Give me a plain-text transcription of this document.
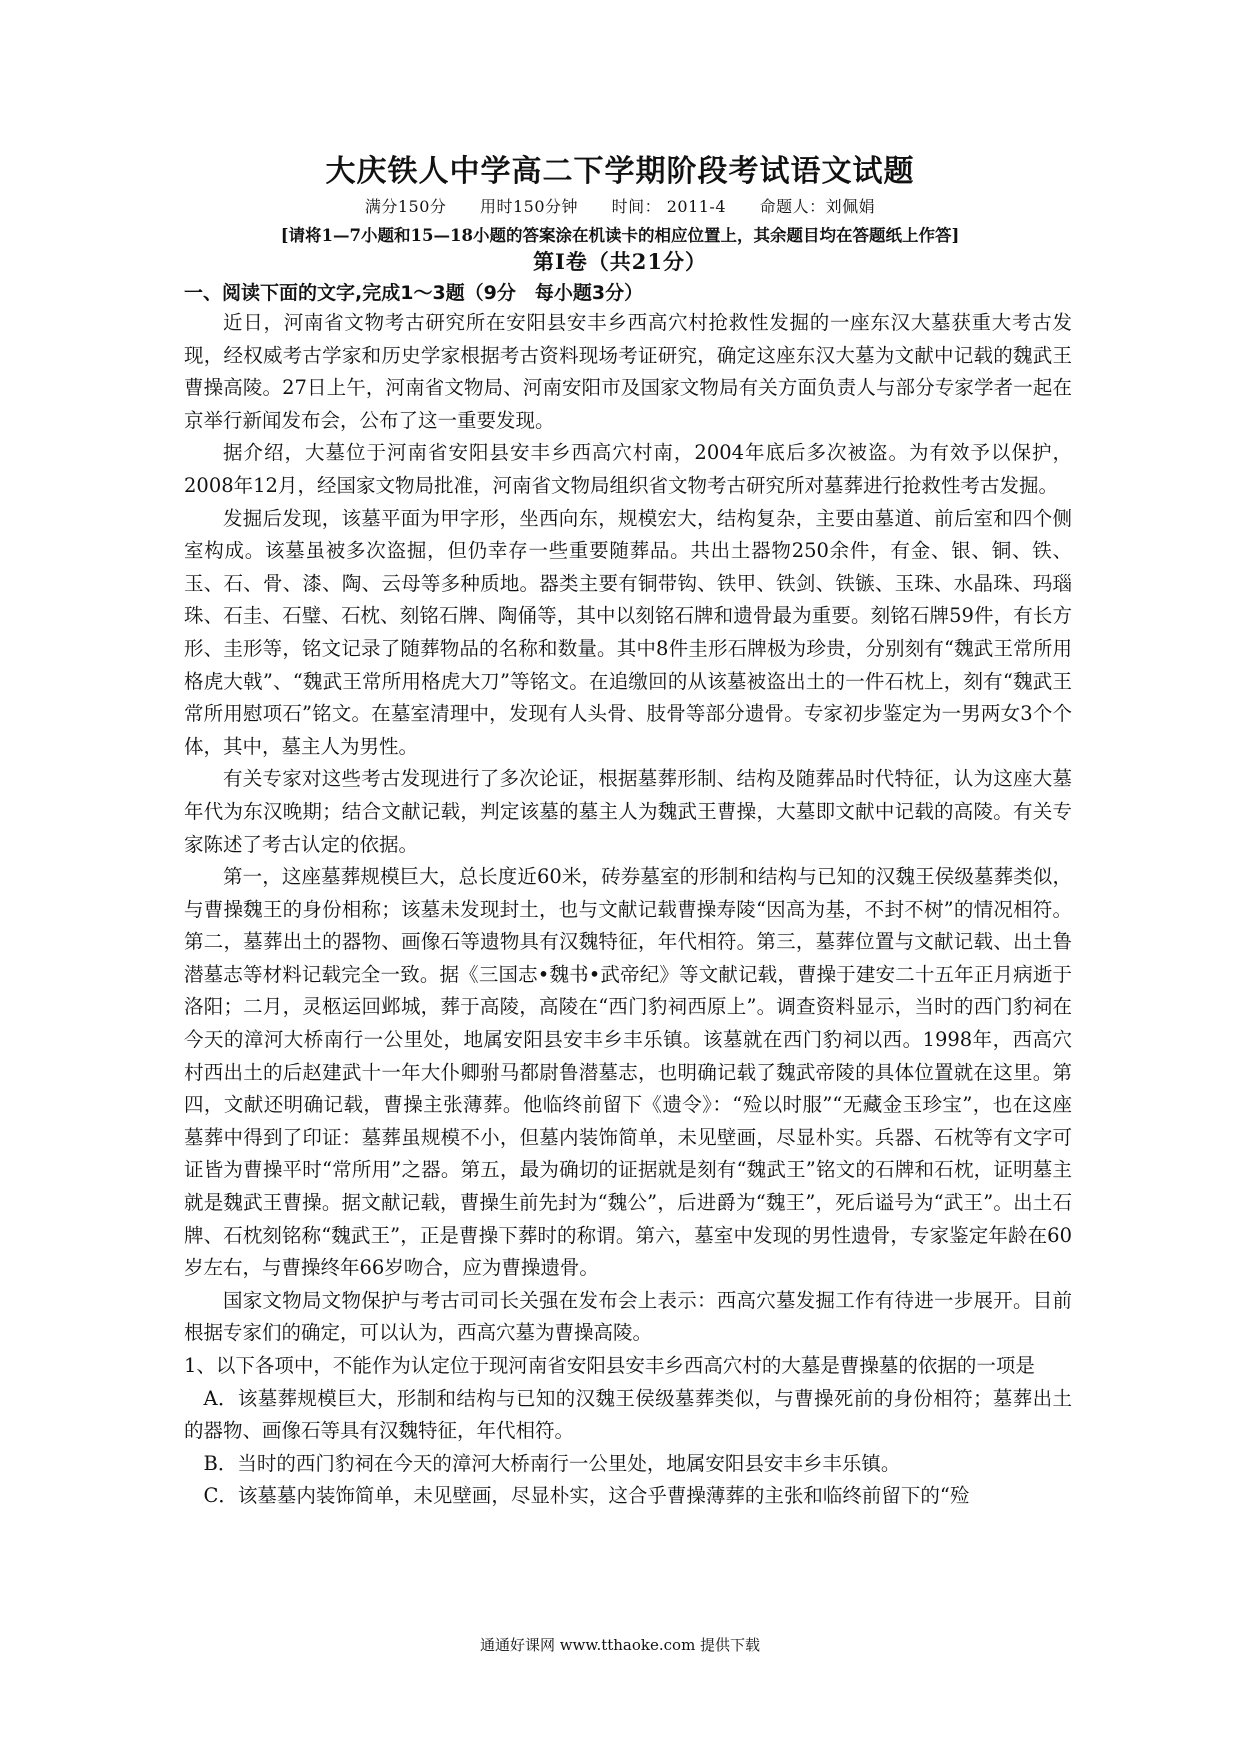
大庆铁人中学高二下学期阶段考试语文试题
满分150分 用时150分钟 时间： 2011-4 命题人：刘佩娟
[请将1—7小题和15—18小题的答案涂在机读卡的相应位置上，其余题目均在答题纸上作答]
第Ⅰ卷（共21分）
一、阅读下面的文字,完成1～3题（9分　每小题3分）

近日，河南省文物考古研究所在安阳县安丰乡西高穴村抢救性发掘的一座东汉大墓获重大考古发现，经权威考古学家和历史学家根据考古资料现场考证研究，确定这座东汉大墓为文献中记载的魏武王曹操高陵。27日上午，河南省文物局、河南安阳市及国家文物局有关方面负责人与部分专家学者一起在京举行新闻发布会，公布了这一重要发现。

据介绍，大墓位于河南省安阳县安丰乡西高穴村南，2004年底后多次被盗。为有效予以保护，2008年12月，经国家文物局批准，河南省文物局组织省文物考古研究所对墓葬进行抢救性考古发掘。

发掘后发现，该墓平面为甲字形，坐西向东，规模宏大，结构复杂，主要由墓道、前后室和四个侧室构成。该墓虽被多次盗掘，但仍幸存一些重要随葬品。共出土器物250余件，有金、银、铜、铁、玉、石、骨、漆、陶、云母等多种质地。器类主要有铜带钩、铁甲、铁剑、铁镞、玉珠、水晶珠、玛瑙珠、石圭、石璧、石枕、刻铭石牌、陶俑等，其中以刻铭石牌和遗骨最为重要。刻铭石牌59件，有长方形、圭形等，铭文记录了随葬物品的名称和数量。其中8件圭形石牌极为珍贵，分别刻有“魏武王常所用格虎大戟”、“魏武王常所用格虎大刀”等铭文。在追缴回的从该墓被盗出土的一件石枕上，刻有“魏武王常所用慰项石”铭文。在墓室清理中，发现有人头骨、肢骨等部分遗骨。专家初步鉴定为一男两女3个个体，其中，墓主人为男性。

有关专家对这些考古发现进行了多次论证，根据墓葬形制、结构及随葬品时代特征，认为这座大墓年代为东汉晚期；结合文献记载，判定该墓的墓主人为魏武王曹操，大墓即文献中记载的高陵。有关专家陈述了考古认定的依据。

第一，这座墓葬规模巨大，总长度近60米，砖券墓室的形制和结构与已知的汉魏王侯级墓葬类似，与曹操魏王的身份相称；该墓未发现封土，也与文献记载曹操寿陵“因高为基，不封不树”的情况相符。第二，墓葬出土的器物、画像石等遗物具有汉魏特征，年代相符。第三，墓葬位置与文献记载、出土鲁潜墓志等材料记载完全一致。据《三国志•魏书•武帝纪》等文献记载，曹操于建安二十五年正月病逝于洛阳；二月，灵柩运回邺城，葬于高陵，高陵在“西门豹祠西原上”。调查资料显示，当时的西门豹祠在今天的漳河大桥南行一公里处，地属安阳县安丰乡丰乐镇。该墓就在西门豹祠以西。1998年，西高穴村西出土的后赵建武十一年大仆卿驸马都尉鲁潜墓志，也明确记载了魏武帝陵的具体位置就在这里。第四，文献还明确记载，曹操主张薄葬。他临终前留下《遗令》：“殓以时服”“无藏金玉珍宝”，也在这座墓葬中得到了印证：墓葬虽规模不小，但墓内装饰简单，未见壁画，尽显朴实。兵器、石枕等有文字可证皆为曹操平时“常所用”之器。第五，最为确切的证据就是刻有“魏武王”铭文的石牌和石枕，证明墓主就是魏武王曹操。据文献记载，曹操生前先封为“魏公”，后进爵为“魏王”，死后谥号为“武王”。出土石牌、石枕刻铭称“魏武王”，正是曹操下葬时的称谓。第六，墓室中发现的男性遗骨，专家鉴定年龄在60岁左右，与曹操终年66岁吻合，应为曹操遗骨。

国家文物局文物保护与考古司司长关强在发布会上表示：西高穴墓发掘工作有待进一步展开。目前根据专家们的确定，可以认为，西高穴墓为曹操高陵。

1、以下各项中，不能作为认定位于现河南省安阳县安丰乡西高穴村的大墓是曹操墓的依据的一项是

A．该墓葬规模巨大，形制和结构与已知的汉魏王侯级墓葬类似，与曹操死前的身份相符；墓葬出土的器物、画像石等具有汉魏特征，年代相符。

B．当时的西门豹祠在今天的漳河大桥南行一公里处，地属安阳县安丰乡丰乐镇。

C．该墓墓内装饰简单，未见壁画，尽显朴实，这合乎曹操薄葬的主张和临终前留下的“殓

通通好课网 www.tthaoke.com 提供下载
